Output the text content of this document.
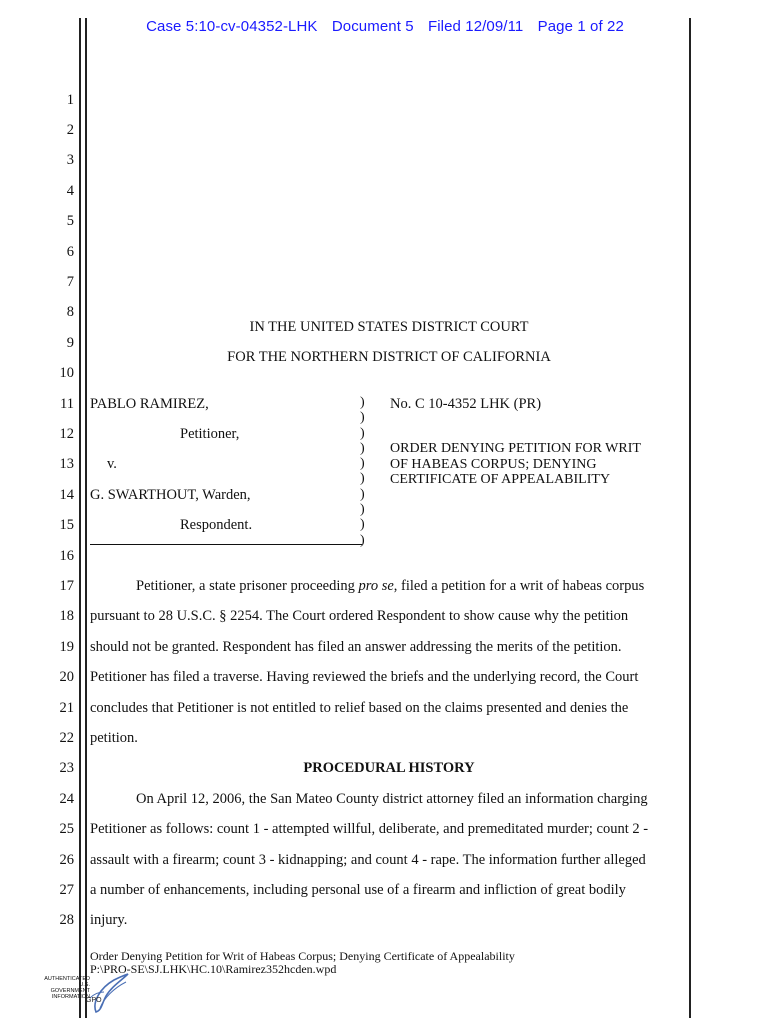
Case 5:10-cv-04352-LHK Document 5 Filed 12/09/11 Page 1 of 22
1
2
3
4
5
6
7
8
9
10
11
12
13
14
15
16
17
18
19
20
21
22
23
24
25
26
27
28
IN THE UNITED STATES DISTRICT COURT
FOR THE NORTHERN DISTRICT OF CALIFORNIA
PABLO RAMIREZ,
Petitioner,
v.
G. SWARTHOUT, Warden,
Respondent.
)
)
)
)
)
)
)
)
)
)
No. C 10-4352 LHK (PR)
ORDER DENYING PETITION FOR WRIT
OF HABEAS CORPUS; DENYING
CERTIFICATE OF APPEALABILITY
Petitioner, a state prisoner proceeding pro se, filed a petition for a writ of habeas corpus
pursuant to 28 U.S.C. § 2254. The Court ordered Respondent to show cause why the petition
should not be granted. Respondent has filed an answer addressing the merits of the petition.
Petitioner has filed a traverse. Having reviewed the briefs and the underlying record, the Court
concludes that Petitioner is not entitled to relief based on the claims presented and denies the
petition.
PROCEDURAL HISTORY
On April 12, 2006, the San Mateo County district attorney filed an information charging
Petitioner as follows: count 1 - attempted willful, deliberate, and premeditated murder; count 2 -
assault with a firearm; count 3 - kidnapping; and count 4 - rape. The information further alleged
a number of enhancements, including personal use of a firearm and infliction of great bodily
injury.
Order Denying Petition for Writ of Habeas Corpus; Denying Certificate of Appealability
P:\PRO-SE\SJ.LHK\HC.10\Ramirez352hcden.wpd
AUTHENTICATED
U.S. GOVERNMENT
INFORMATION
GPO
